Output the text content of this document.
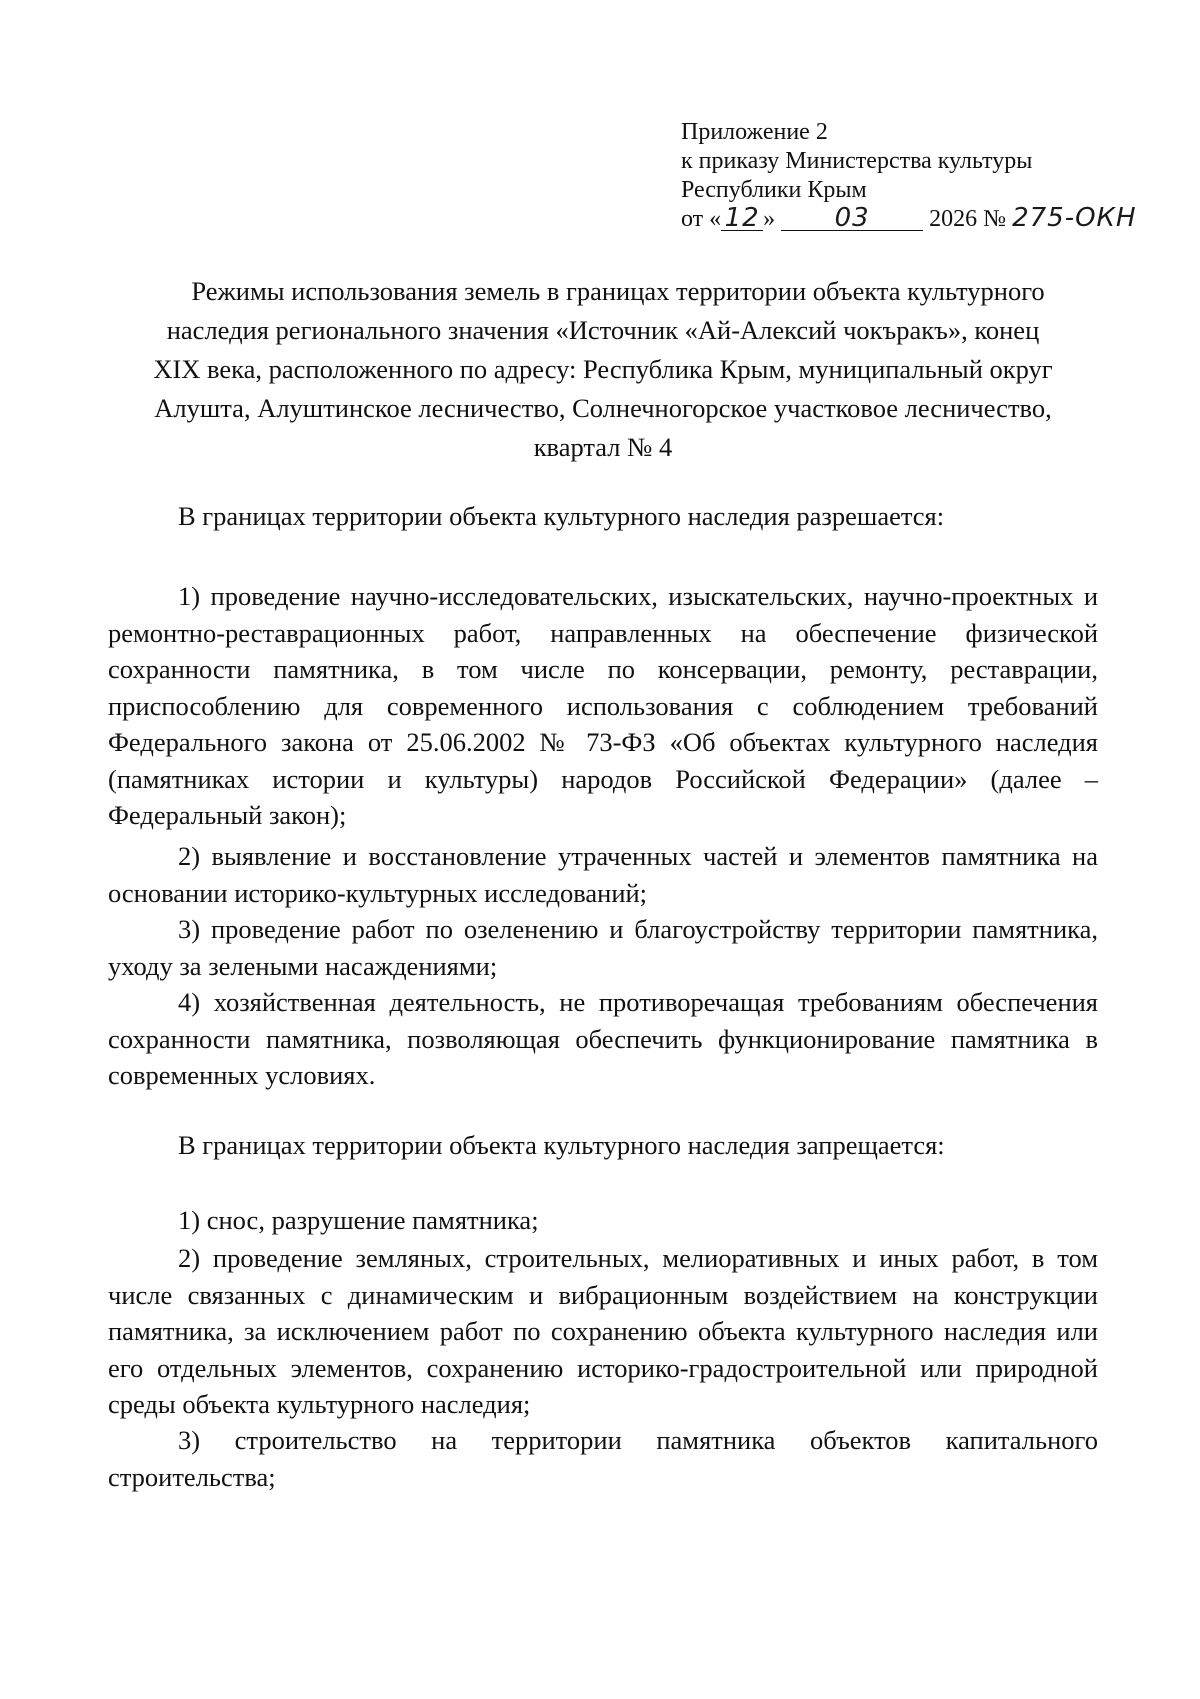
Приложение 2
к приказу Министерства культуры
Республики Крым
от « 12 » 03 2026 № 275-ОКН
Режимы использования земель в границах территории объекта культурного
наследия регионального значения «Источник «Ай-Алексий чокъракъ», конец
XIX века, расположенного по адресу: Республика Крым, муниципальный округ
Алушта, Алуштинское лесничество, Солнечногорское участковое лесничество,
квартал № 4
В границах территории объекта культурного наследия разрешается:
1) проведение научно-исследовательских, изыскательских, научно-проектных и ремонтно-реставрационных работ, направленных на обеспечение физической сохранности памятника, в том числе по консервации, ремонту, реставрации, приспособлению для современного использования с соблюдением требований Федерального закона от 25.06.2002 № 73-ФЗ «Об объектах культурного наследия (памятниках истории и культуры) народов Российской Федерации» (далее – Федеральный закон);
2) выявление и восстановление утраченных частей и элементов памятника на основании историко-культурных исследований;
3) проведение работ по озеленению и благоустройству территории памятника, уходу за зелеными насаждениями;
4) хозяйственная деятельность, не противоречащая требованиям обеспечения сохранности памятника, позволяющая обеспечить функционирование памятника в современных условиях.
В границах территории объекта культурного наследия запрещается:
1) снос, разрушение памятника;
2) проведение земляных, строительных, мелиоративных и иных работ, в том числе связанных с динамическим и вибрационным воздействием на конструкции памятника, за исключением работ по сохранению объекта культурного наследия или его отдельных элементов, сохранению историко-градостроительной или природной среды объекта культурного наследия;
3) строительство на территории памятника объектов капитального строительства;
